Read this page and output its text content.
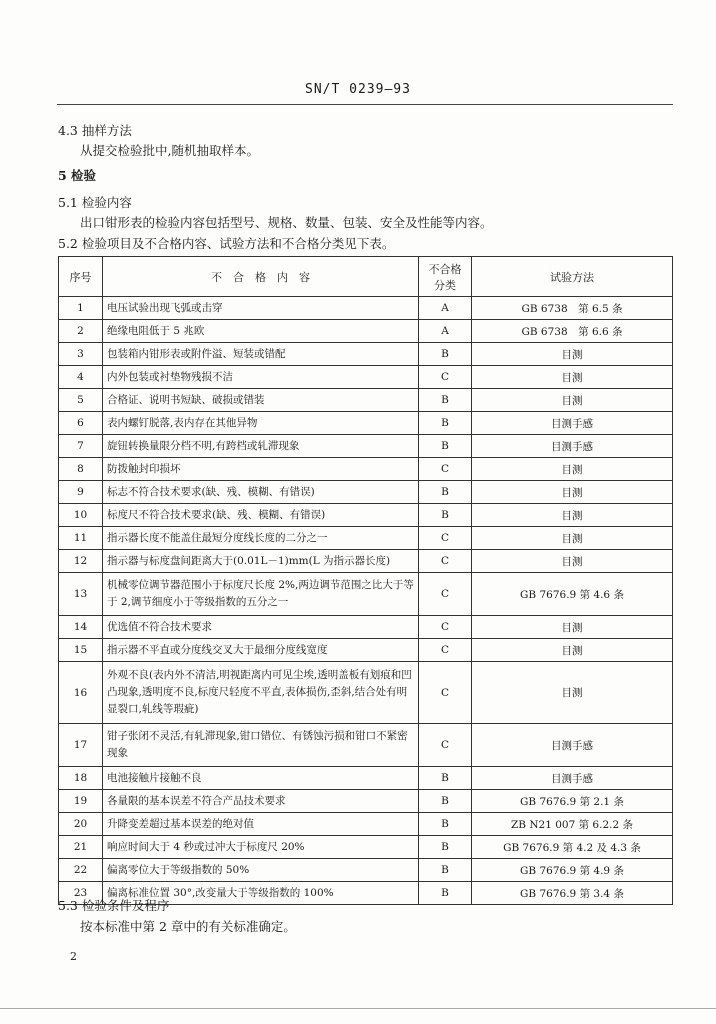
SN/T 0239—93
4.3 抽样方法
从提交检验批中,随机抽取样本。
5 检验
5.1 检验内容
出口钳形表的检验内容包括型号、规格、数量、包装、安全及性能等内容。
5.2 检验项目及不合格内容、试验方法和不合格分类见下表。
序号	不　合　格　内　容	不合格
分类	试验方法
1	电压试验出现飞弧或击穿	A	GB 6738　第 6.5 条
2	绝缘电阻低于 5 兆欧	A	GB 6738　第 6.6 条
3	包装箱内钳形表或附件溢、短装或错配	B	目测
4	内外包装或衬垫物残损不洁	C	目测
5	合格证、说明书短缺、破损或错装	B	目测
6	表内螺钉脱落,表内存在其他异物	B	目测手感
7	旋钮转换量限分档不明,有跨档或轧滞现象	B	目测手感
8	防拨触封印损坏	C	目测
9	标志不符合技术要求(缺、残、模糊、有错误)	B	目测
10	标度尺不符合技术要求(缺、残、模糊、有错误)	B	目测
11	指示器长度不能盖住最短分度线长度的二分之一	C	目测
12	指示器与标度盘间距离大于(0.01L－1)mm(L 为指示器长度)	C	目测
13	机械零位调节器范围小于标度尺长度 2%,两边调节范围之比大于等于 2,调节细度小于等级指数的五分之一	C	GB 7676.9 第 4.6 条
14	优选值不符合技术要求	C	目测
15	指示器不平直或分度线交叉大于最细分度线宽度	C	目测
16	外观不良(表内外不清洁,明视距离内可见尘埃,透明盖板有划痕和凹凸现象,透明度不良,标度尺轻度不平直,表体损伤,歪斜,结合处有明显裂口,轧线等瑕疵)	C	目测
17	钳子张闭不灵活,有轧滞现象,钳口错位、有锈蚀污损和钳口不紧密现象	C	目测手感
18	电池接触片接触不良	B	目测手感
19	各量限的基本误差不符合产品技术要求	B	GB 7676.9 第 2.1 条
20	升降变差超过基本误差的绝对值	B	ZB N21 007 第 6.2.2 条
21	响应时间大于 4 秒或过冲大于标度尺 20%	B	GB 7676.9 第 4.2 及 4.3 条
22	偏离零位大于等级指数的 50%	B	GB 7676.9 第 4.9 条
23	偏离标准位置 30°,改变量大于等级指数的 100%	B	GB 7676.9 第 3.4 条
5.3 检验条件及程序
按本标准中第 2 章中的有关标准确定。
2
